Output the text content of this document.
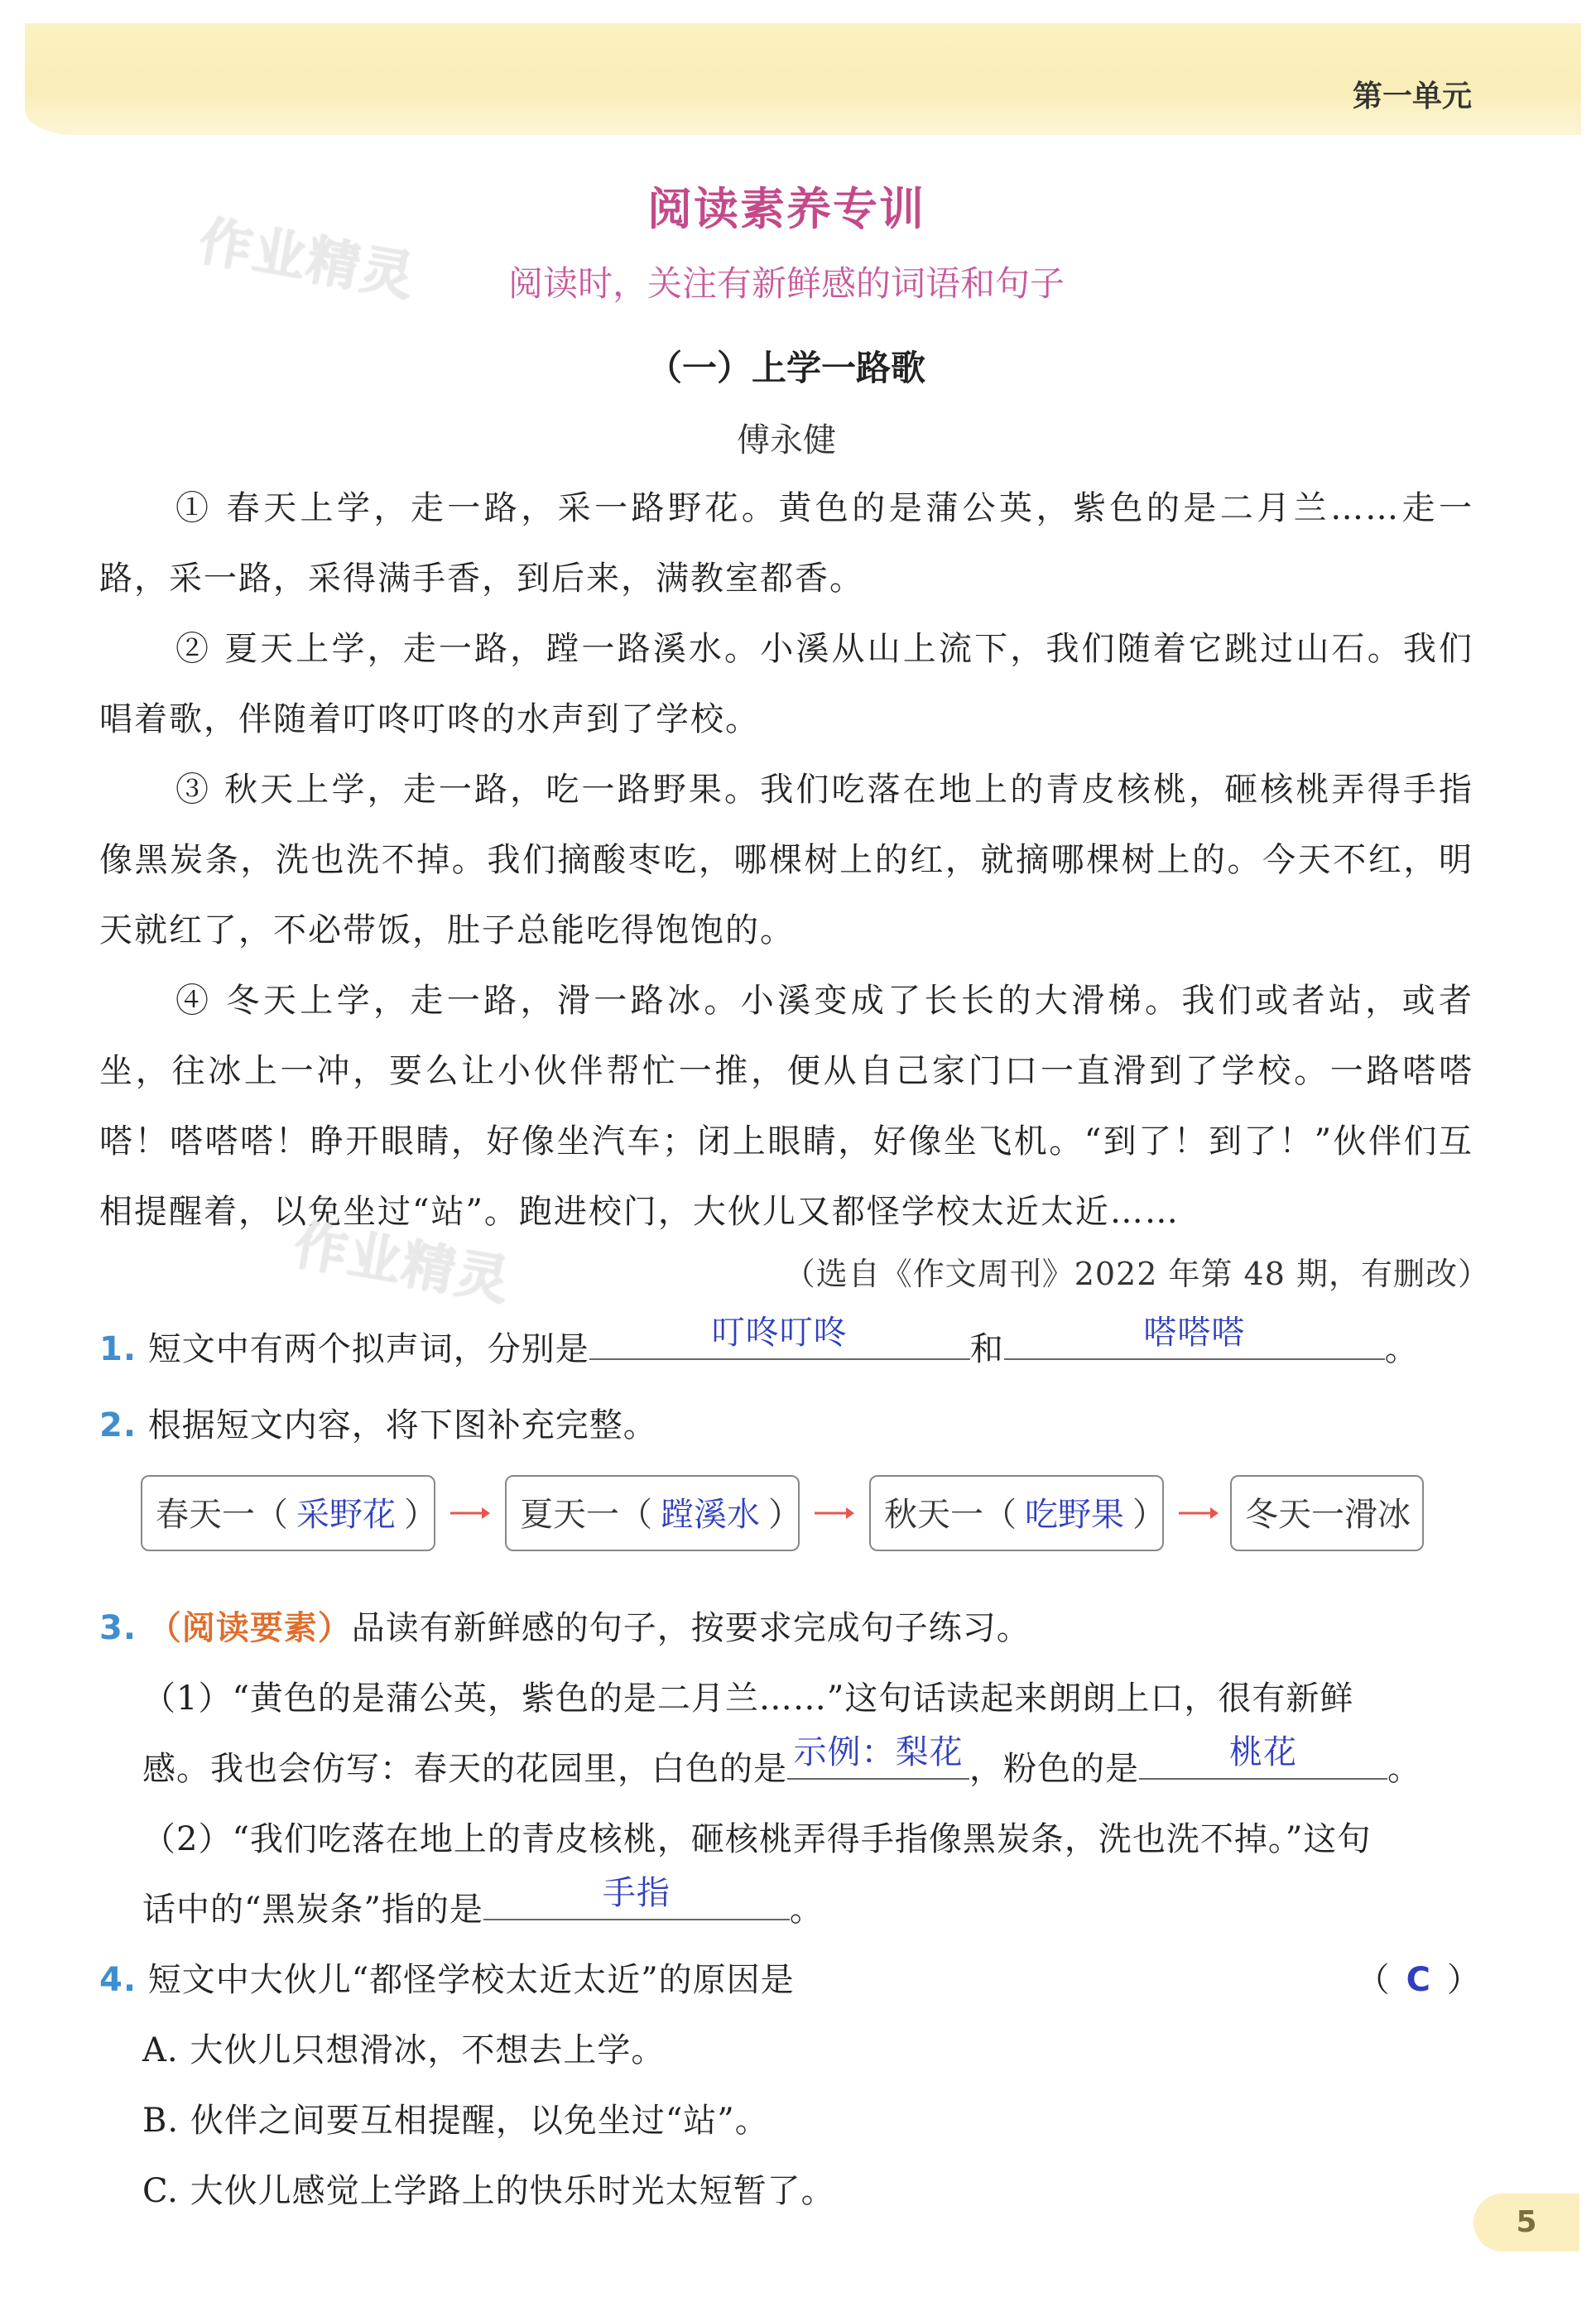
第一单元
阅读素养专训
阅读时，关注有新鲜感的词语和句子
作业精灵
（一）上学一路歌
傅永健
① 春天上学，走一路，采一路野花。黄色的是蒲公英，紫色的是二月兰……走一路，采一路，采得满手香，到后来，满教室都香。
② 夏天上学，走一路，蹚一路溪水。小溪从山上流下，我们随着它跳过山石。我们唱着歌，伴随着叮咚叮咚的水声到了学校。
③ 秋天上学，走一路，吃一路野果。我们吃落在地上的青皮核桃，砸核桃弄得手指像黑炭条，洗也洗不掉。我们摘酸枣吃，哪棵树上的红，就摘哪棵树上的。今天不红，明天就红了，不必带饭，肚子总能吃得饱饱的。
④ 冬天上学，走一路，滑一路冰。小溪变成了长长的大滑梯。我们或者站，或者坐，往冰上一冲，要么让小伙伴帮忙一推，便从自己家门口一直滑到了学校。一路嗒嗒嗒！嗒嗒嗒！睁开眼睛，好像坐汽车；闭上眼睛，好像坐飞机。“到了！到了！”伙伴们互相提醒着，以免坐过“站”。跑进校门，大伙儿又都怪学校太近太近……
作业精灵	（选自《作文周刊》2022 年第 48 期，有删改）
1. 短文中有两个拟声词，分别是	叮咚叮咚	和	嗒嗒嗒	。
2. 根据短文内容，将下图补充完整。
春天一（ 采野花 ）	夏天一（ 蹚溪水 ）	秋天一（ 吃野果 ）	冬天一滑冰
3. （阅读要素）品读有新鲜感的句子，按要求完成句子练习。
（1）“黄色的是蒲公英，紫色的是二月兰……”这句话读起来朗朗上口，很有新鲜
感。我也会仿写：春天的花园里，白色的是 示例：梨花 ，粉色的是	桃花	。
（2）“我们吃落在地上的青皮核桃，砸核桃弄得手指像黑炭条，洗也洗不掉。”这句
话中的“黑炭条”指的是	手指	。
4. 短文中大伙儿“都怪学校太近太近”的原因是	（ C ）
A. 大伙儿只想滑冰，不想去上学。
B. 伙伴之间要互相提醒，以免坐过“站”。
C. 大伙儿感觉上学路上的快乐时光太短暂了。
5
